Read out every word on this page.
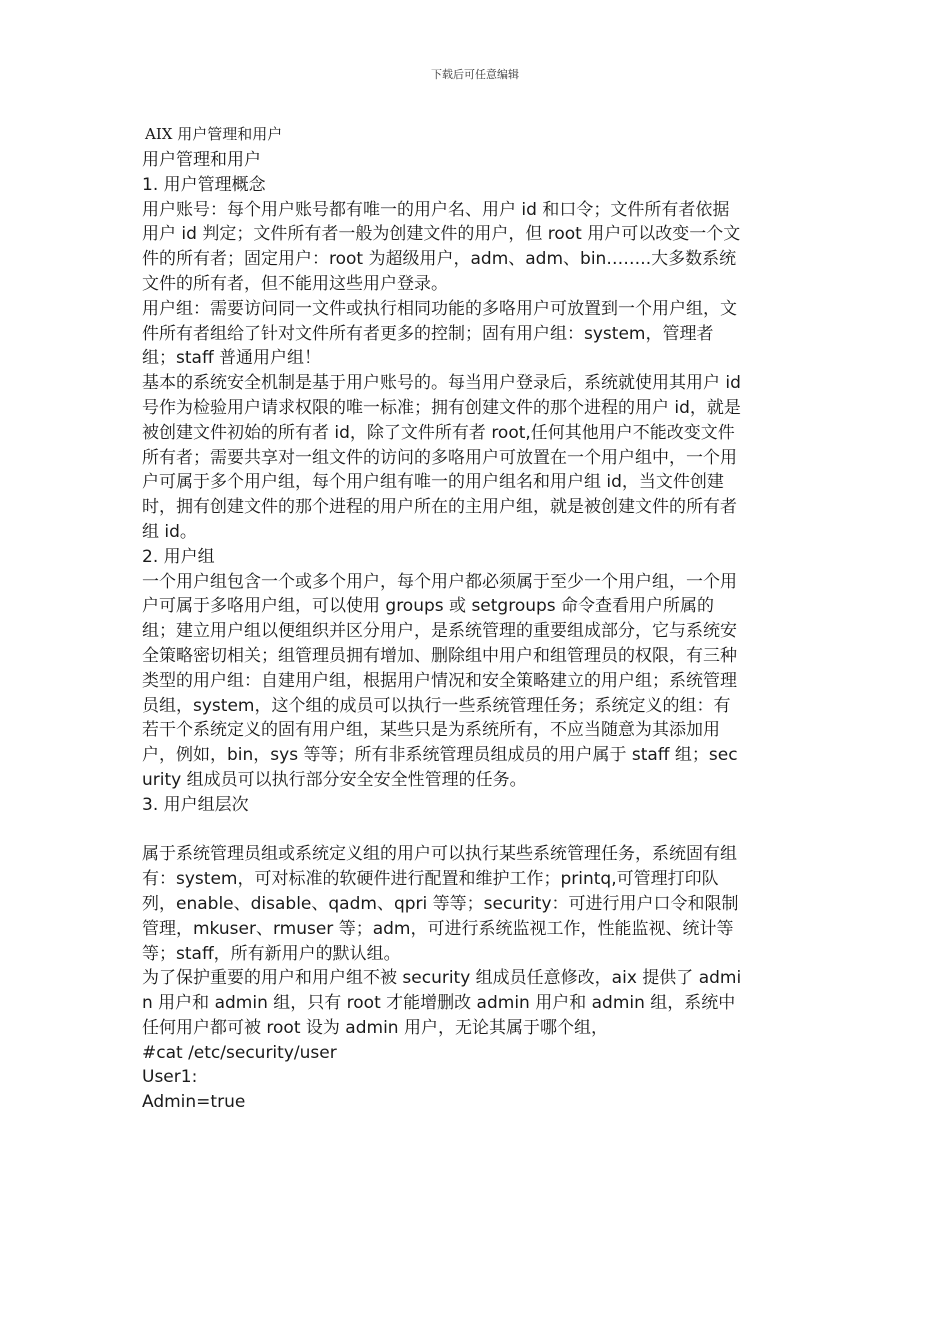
下载后可任意编辑
AIX 用户管理和用户

用户管理和用户

1. 用户管理概念

用户账号：每个用户账号都有唯一的用户名、用户 id 和口令；文件所有者依据用户 id 判定；文件所有者一般为创建文件的用户，但 root 用户可以改变一个文件的所有者；固定用户：root 为超级用户，adm、adm、bin……..大多数系统文件的所有者，但不能用这些用户登录。

用户组：需要访问同一文件或执行相同功能的多咯用户可放置到一个用户组，文件所有者组给了针对文件所有者更多的控制；固有用户组：system，管理者组；staff 普通用户组！

基本的系统安全机制是基于用户账号的。每当用户登录后，系统就使用其用户 id 号作为检验用户请求权限的唯一标准；拥有创建文件的那个进程的用户 id，就是被创建文件初始的所有者 id，除了文件所有者 root,任何其他用户不能改变文件所有者；需要共享对一组文件的访问的多咯用户可放置在一个用户组中，一个用户可属于多个用户组，每个用户组有唯一的用户组名和用户组 id，当文件创建时，拥有创建文件的那个进程的用户所在的主用户组，就是被创建文件的所有者组 id。

2. 用户组

一个用户组包含一个或多个用户，每个用户都必须属于至少一个用户组，一个用户可属于多咯用户组，可以使用 groups 或 setgroups 命令查看用户所属的组；建立用户组以便组织并区分用户，是系统管理的重要组成部分，它与系统安全策略密切相关；组管理员拥有增加、删除组中用户和组管理员的权限，有三种类型的用户组：自建用户组，根据用户情况和安全策略建立的用户组；系统管理员组，system，这个组的成员可以执行一些系统管理任务；系统定义的组：有若干个系统定义的固有用户组，某些只是为系统所有，不应当随意为其添加用户，例如，bin，sys 等等；所有非系统管理员组成员的用户属于 staff 组；security 组成员可以执行部分安全安全性管理的任务。

3. 用户组层次

属于系统管理员组或系统定义组的用户可以执行某些系统管理任务，系统固有组有：system，可对标准的软硬件进行配置和维护工作；printq,可管理打印队列，enable、disable、qadm、qpri 等等；security：可进行用户口令和限制管理，mkuser、rmuser 等；adm，可进行系统监视工作，性能监视、统计等等；staff，所有新用户的默认组。

为了保护重要的用户和用户组不被 security 组成员任意修改，aix 提供了 admin 用户和 admin 组，只有 root 才能增删改 admin 用户和 admin 组，系统中任何用户都可被 root 设为 admin 用户，无论其属于哪个组，

#cat /etc/security/user

User1:

Admin=true
